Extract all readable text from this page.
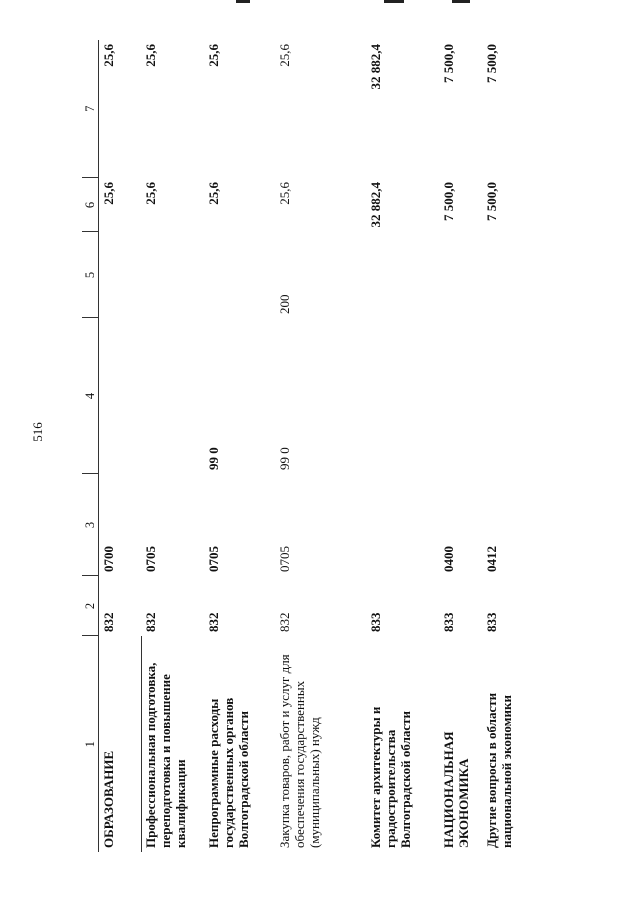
516
1	2	3	4	5	6	7
ОБРАЗОВАНИЕ	832	0700			25,6	25,6
Профессиональная подготовка, переподготовка и повышение квалификации	832	0705			25,6	25,6
Непрограммные расходы государственных органов Волгоградской области	832	0705	99 0		25,6	25,6
Закупка товаров, работ и услуг для обеспечения государственных (муниципальных) нужд	832	0705	99 0	200	25,6	25,6
Комитет архитектуры и градостроительства Волгоградской области	833				32 882,4	32 882,4
НАЦИОНАЛЬНАЯ ЭКОНОМИКА	833	0400			7 500,0	7 500,0
Другие вопросы в области национальной экономики	833	0412			7 500,0	7 500,0
